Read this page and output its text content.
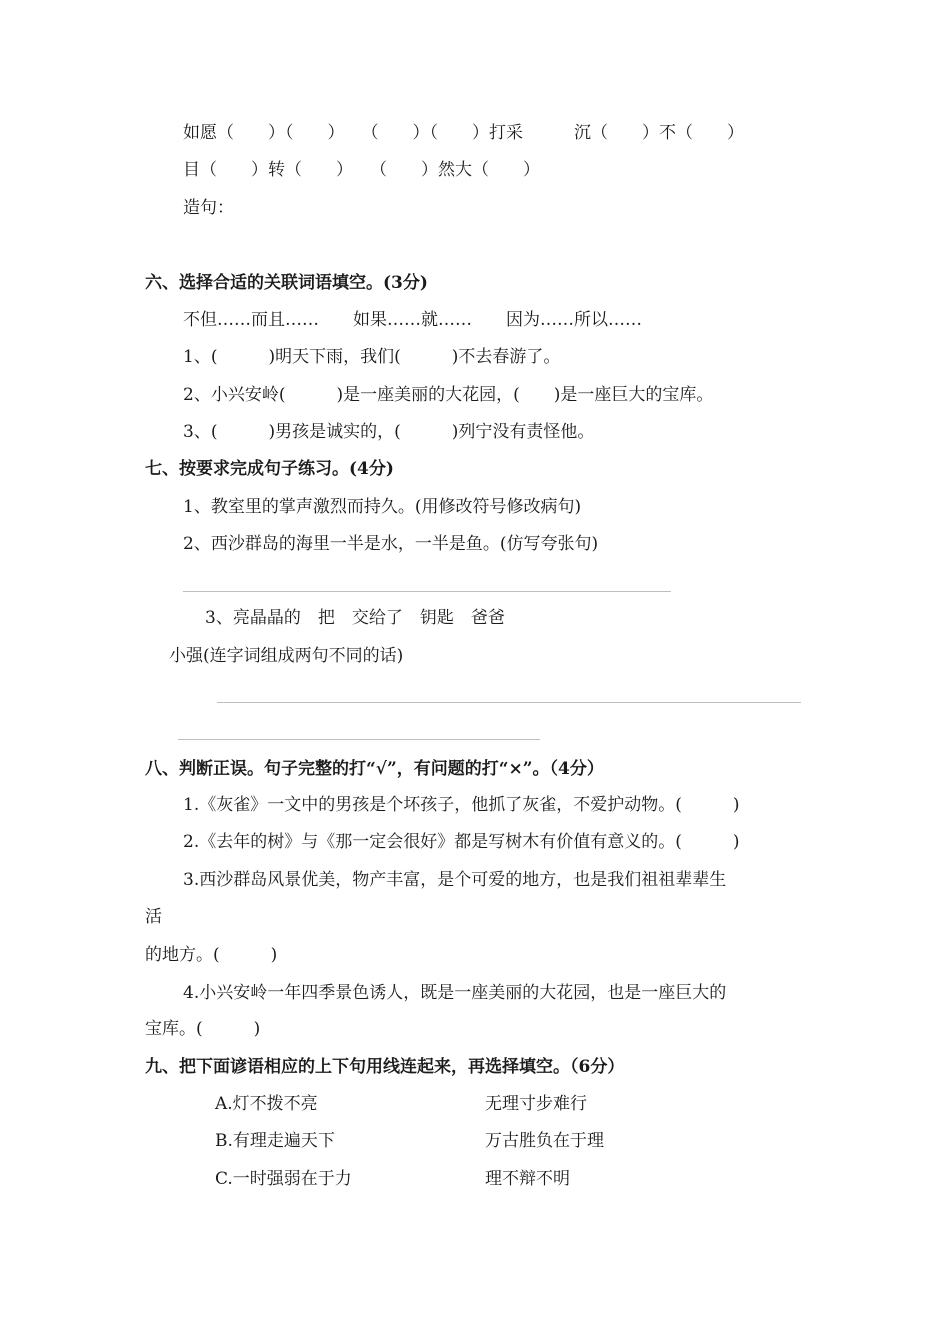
如愿（　　）（　　）　　（　　）（　　）打采　　　沉（　　）不（　　）
目（　　）转（　　）　　（　　）然大（　　）
造句：
六、选择合适的关联词语填空。(3分)
不但……而且……　　如果……就……　　因为……所以……
1、(　　　)明天下雨，我们(　　　)不去春游了。
2、小兴安岭(　　　)是一座美丽的大花园，(　　)是一座巨大的宝库。
3、(　　　)男孩是诚实的，(　　　)列宁没有责怪他。
七、按要求完成句子练习。(4分)
1、教室里的掌声激烈而持久。(用修改符号修改病句)
2、西沙群岛的海里一半是水，一半是鱼。(仿写夸张句)
3、亮晶晶的　把　交给了　钥匙　爸爸
小强(连字词组成两句不同的话)
八、判断正误。句子完整的打“√”，有问题的打“×”。（4分）
1.《灰雀》一文中的男孩是个坏孩子，他抓了灰雀，不爱护动物。(　　　)
2.《去年的树》与《那一定会很好》都是写树木有价值有意义的。(　　　)
3.西沙群岛风景优美，物产丰富，是个可爱的地方，也是我们祖祖辈辈生
活
的地方。(　　　)
4.小兴安岭一年四季景色诱人，既是一座美丽的大花园，也是一座巨大的
宝库。(　　　)
九、把下面谚语相应的上下句用线连起来，再选择填空。（6分）
A.灯不拨不亮	无理寸步难行
B.有理走遍天下	万古胜负在于理
C.一时强弱在于力	理不辩不明
